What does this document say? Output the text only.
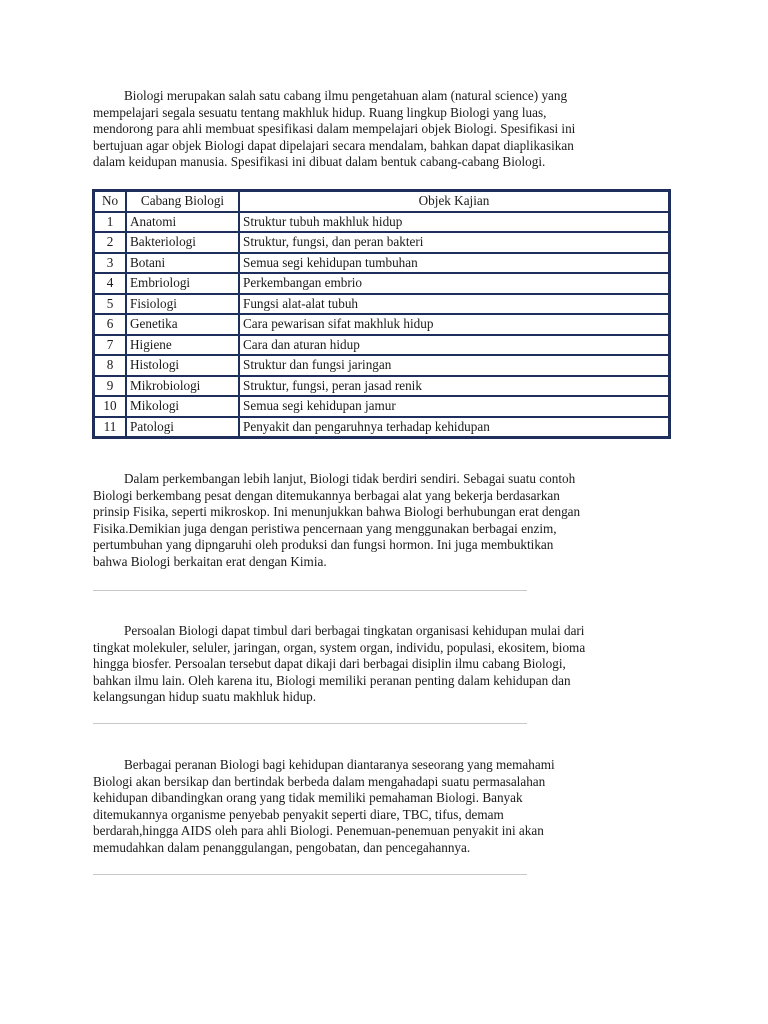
Biologi merupakan salah satu cabang ilmu pengetahuan alam (natural science) yang
mempelajari segala sesuatu tentang makhluk hidup. Ruang lingkup Biologi yang luas,
mendorong para ahli membuat spesifikasi dalam mempelajari objek Biologi. Spesifikasi ini
bertujuan agar objek Biologi dapat dipelajari secara mendalam, bahkan dapat diaplikasikan
dalam keidupan manusia. Spesifikasi ini dibuat dalam bentuk cabang-cabang Biologi.

No	Cabang Biologi	Objek Kajian
1	Anatomi	Struktur tubuh makhluk hidup
2	Bakteriologi	Struktur, fungsi, dan peran bakteri
3	Botani	Semua segi kehidupan tumbuhan
4	Embriologi	Perkembangan embrio
5	Fisiologi	Fungsi alat-alat tubuh
6	Genetika	Cara pewarisan sifat makhluk hidup
7	Higiene	Cara dan aturan hidup
8	Histologi	Struktur dan fungsi jaringan
9	Mikrobiologi	Struktur, fungsi, peran jasad renik
10	Mikologi	Semua segi kehidupan jamur
11	Patologi	Penyakit dan pengaruhnya terhadap kehidupan

Dalam perkembangan lebih lanjut, Biologi tidak berdiri sendiri. Sebagai suatu contoh
Biologi berkembang pesat dengan ditemukannya berbagai alat yang bekerja berdasarkan
prinsip Fisika, seperti mikroskop. Ini menunjukkan bahwa Biologi berhubungan erat dengan
Fisika.Demikian juga dengan peristiwa pencernaan yang menggunakan berbagai enzim,
pertumbuhan yang dipngaruhi oleh produksi dan fungsi hormon. Ini juga membuktikan
bahwa Biologi berkaitan erat dengan Kimia.

Persoalan Biologi dapat timbul dari berbagai tingkatan organisasi kehidupan mulai dari
tingkat molekuler, seluler, jaringan, organ, system organ, individu, populasi, ekositem, bioma
hingga biosfer. Persoalan tersebut dapat dikaji dari berbagai disiplin ilmu cabang Biologi,
bahkan ilmu lain. Oleh karena itu, Biologi memiliki peranan penting dalam kehidupan dan
kelangsungan hidup suatu makhluk hidup.

Berbagai peranan Biologi bagi kehidupan diantaranya seseorang yang memahami
Biologi akan bersikap dan bertindak berbeda dalam mengahadapi suatu permasalahan
kehidupan dibandingkan orang yang tidak memiliki pemahaman Biologi. Banyak
ditemukannya organisme penyebab penyakit seperti diare, TBC, tifus, demam
berdarah,hingga AIDS oleh para ahli Biologi. Penemuan-penemuan penyakit ini akan
memudahkan dalam penanggulangan, pengobatan, dan pencegahannya.
